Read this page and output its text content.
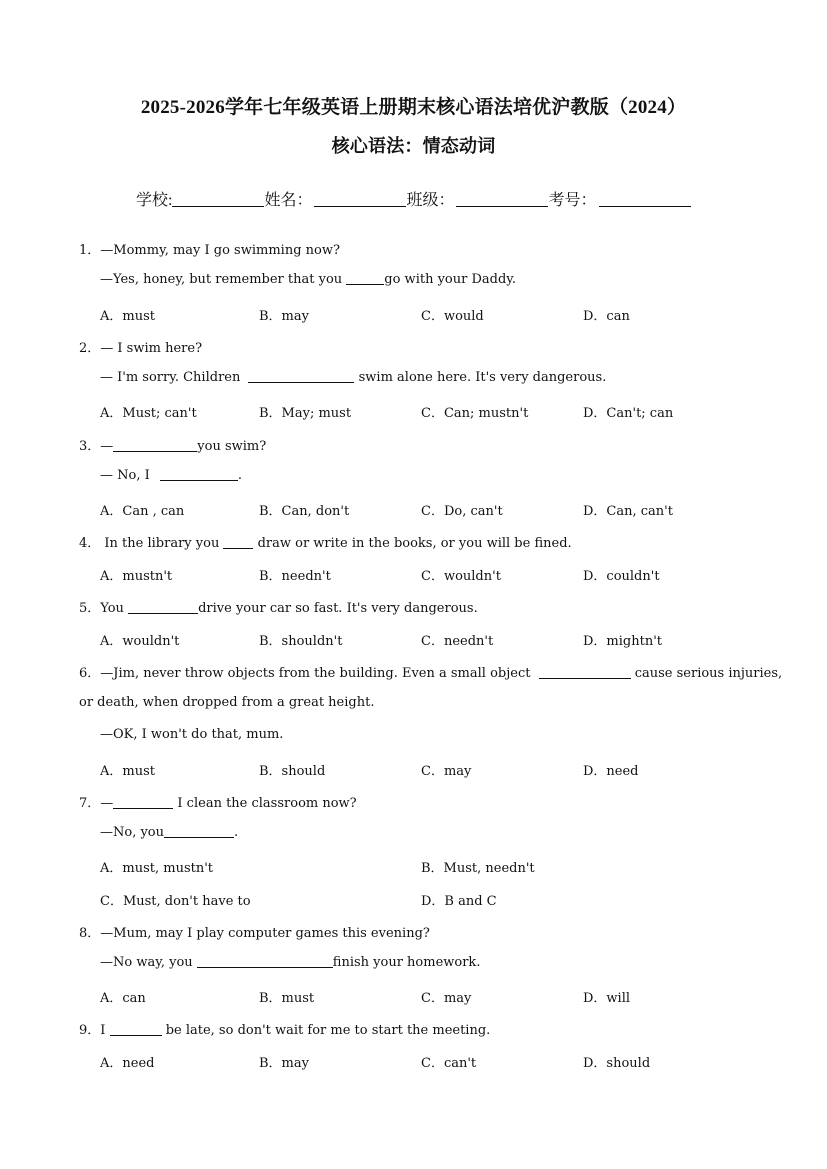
2025-2026学年七年级英语上册期末核心语法培优沪教版（2024）
核心语法：情态动词
学校:	姓名：	班级：	考号：
1．—Mommy, may I go swimming now?
—Yes, honey, but remember that you	go with your Daddy.
A．must	B．may	C．would	D．can
2．— I swim here?
— I'm sorry. Children	swim alone here. It's very dangerous.
A．Must; can't	B．May; must	C．Can; mustn't	D．Can't; can
3．—	you swim?
— No, I	.
A．Can , can	B．Can, don't	C．Do, can't	D．Can, can't
4． In the library you  draw or write in the books, or you will be fined.
A．mustn't	B．needn't	C．wouldn't	D．couldn't
5．You	drive your car so fast. It's very dangerous.
A．wouldn't	B．shouldn't	C．needn't	D．mightn't
6．—Jim, never throw objects from the building. Even a small object	cause serious injuries,
or death, when dropped from a great height.
—OK, I won't do that, mum.
A．must	B．should	C．may	D．need
7．—	I clean the classroom now?
—No, you	.
A．must, mustn't	B．Must, needn't
C．Must, don't have to	D．B and C
8．—Mum, may I play computer games this evening?
—No way, you	finish your homework.
A．can	B．must	C．may	D．will
9．I	be late, so don't wait for me to start the meeting.
A．need	B．may	C．can't	D．should
